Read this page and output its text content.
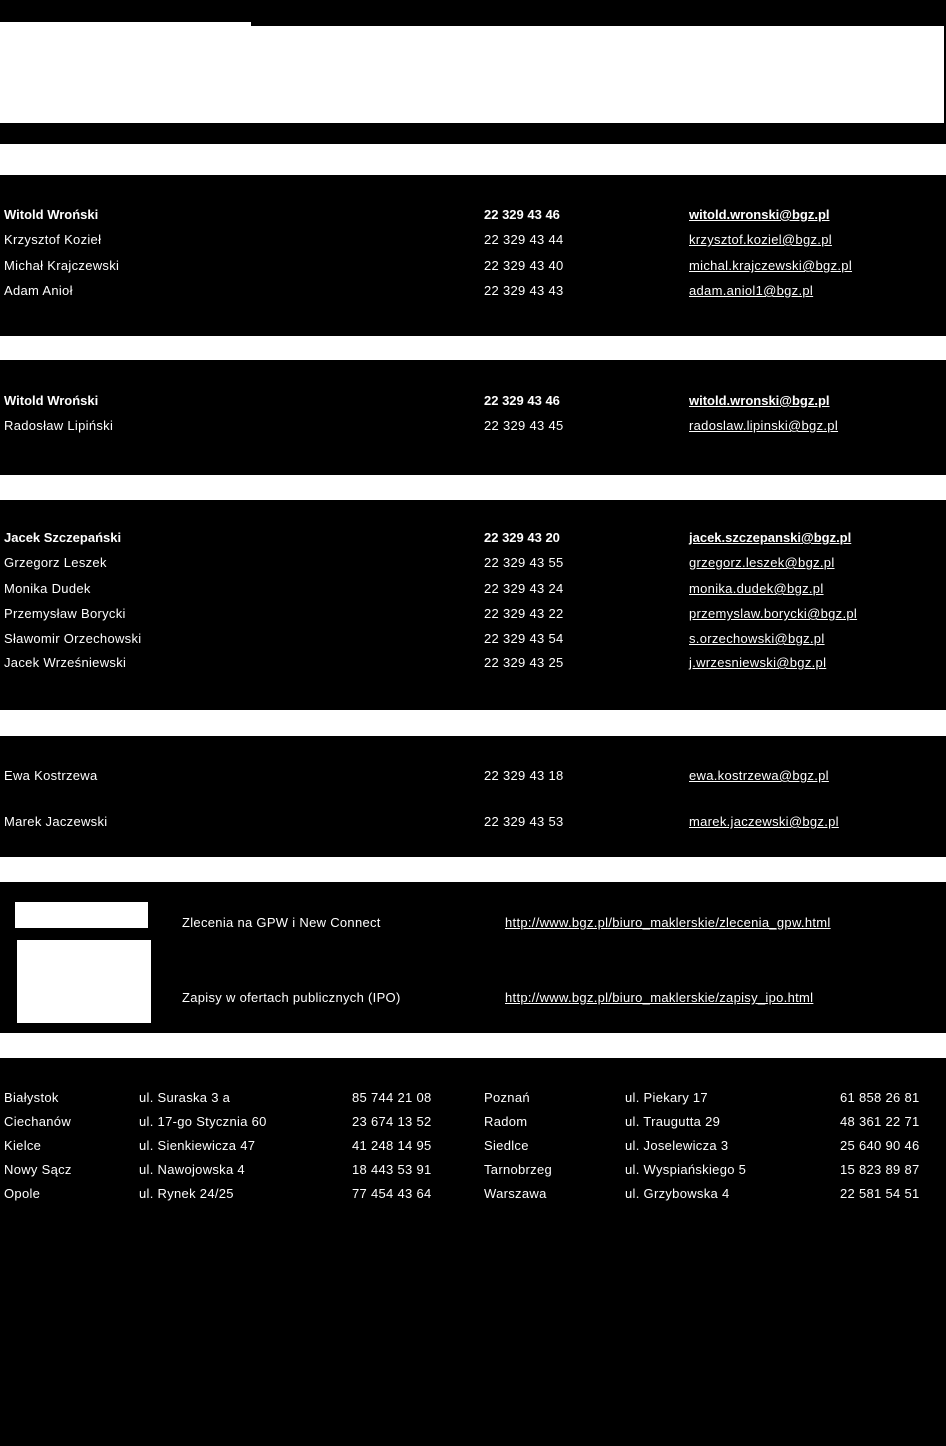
Witold Wroński	22 329 43 46	witold.wronski@bgz.pl
Krzysztof Kozieł	22 329 43 44	krzysztof.koziel@bgz.pl
Michał Krajczewski	22 329 43 40	michal.krajczewski@bgz.pl
Adam Anioł	22 329 43 43	adam.aniol1@bgz.pl
Witold Wroński	22 329 43 46	witold.wronski@bgz.pl
Radosław Lipiński	22 329 43 45	radoslaw.lipinski@bgz.pl
Jacek Szczepański	22 329 43 20	jacek.szczepanski@bgz.pl
Grzegorz Leszek	22 329 43 55	grzegorz.leszek@bgz.pl
Monika Dudek	22 329 43 24	monika.dudek@bgz.pl
Przemysław Borycki	22 329 43 22	przemyslaw.borycki@bgz.pl
Sławomir Orzechowski	22 329 43 54	s.orzechowski@bgz.pl
Jacek Wrześniewski	22 329 43 25	j.wrzesniewski@bgz.pl
Ewa Kostrzewa	22 329 43 18	ewa.kostrzewa@bgz.pl
Marek Jaczewski	22 329 43 53	marek.jaczewski@bgz.pl
Zlecenia na GPW i New Connect	http://www.bgz.pl/biuro_maklerskie/zlecenia_gpw.html
Zapisy w ofertach publicznych (IPO)	http://www.bgz.pl/biuro_maklerskie/zapisy_ipo.html
Białystok	ul. Suraska 3 a	85 744 21 08	Poznań	ul. Piekary 17	61 858 26 81
Ciechanów	ul. 17-go Stycznia 60	23 674 13 52	Radom	ul. Traugutta 29	48 361 22 71
Kielce	ul. Sienkiewicza 47	41 248 14 95	Siedlce	ul. Joselewicza 3	25 640 90 46
Nowy Sącz	ul. Nawojowska 4	18 443 53 91	Tarnobrzeg	ul. Wyspiańskiego 5	15 823 89 87
Opole	ul. Rynek 24/25	77 454 43 64	Warszawa	ul. Grzybowska 4	22 581 54 51
